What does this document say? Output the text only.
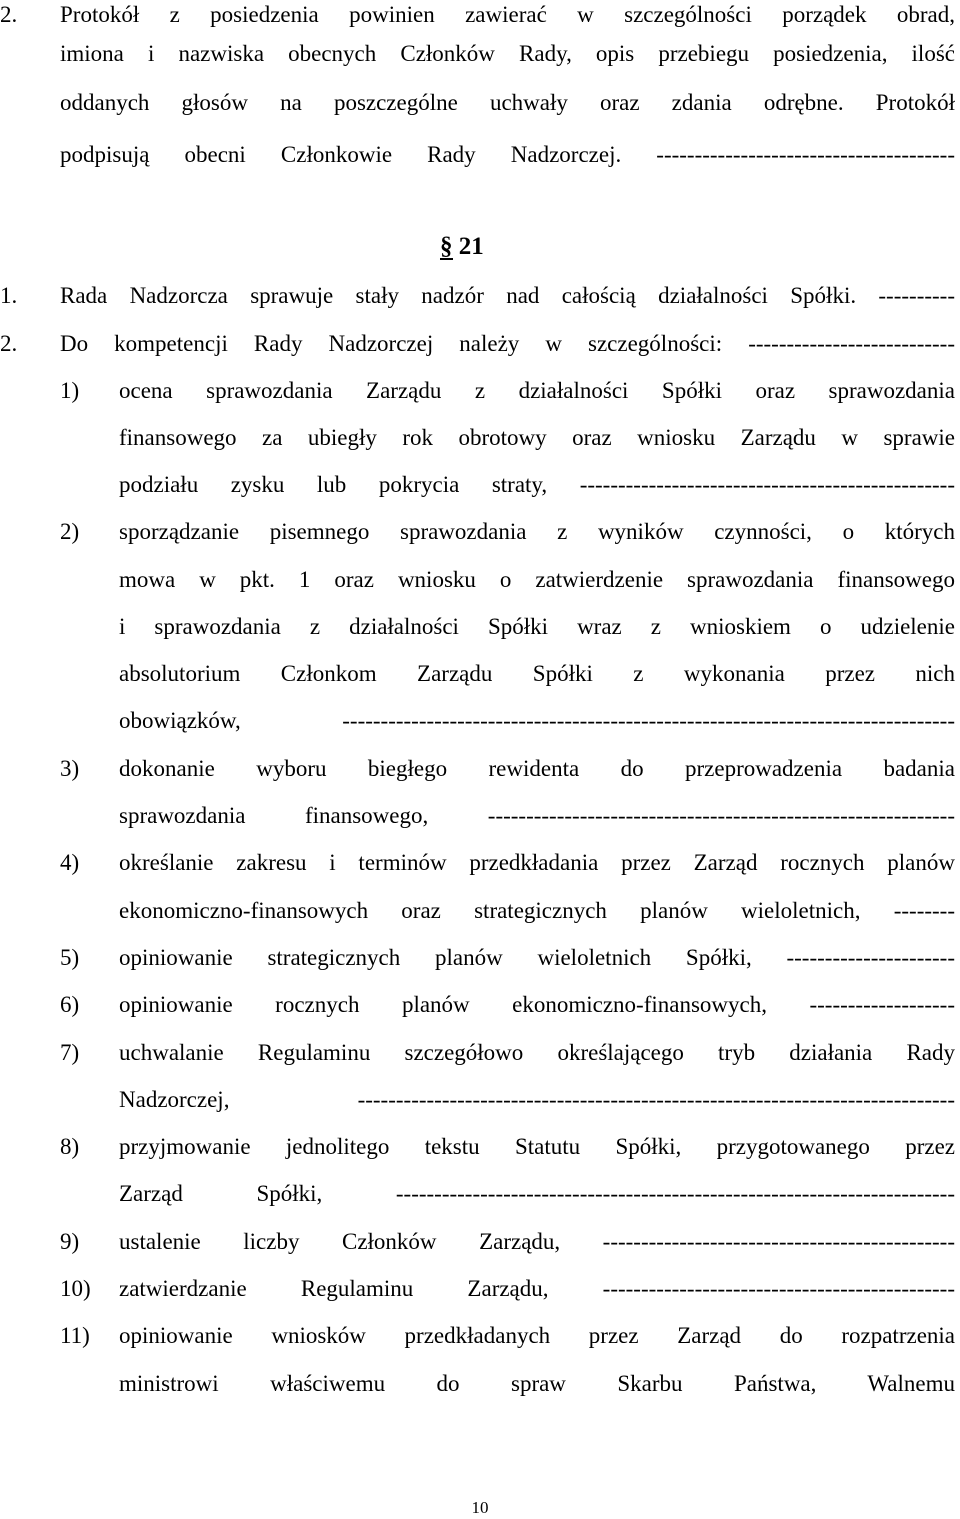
2. Protokół z posiedzenia powinien zawierać w szczególności porządek obrad,
imiona i nazwiska obecnych Członków Rady, opis przebiegu posiedzenia, ilość
oddanych głosów na poszczególne uchwały oraz zdania odrębne. Protokół
podpisują obecni Członkowie Rady Nadzorczej. ---------------------------------------
§ 21
1. Rada Nadzorcza sprawuje stały nadzór nad całością działalności Spółki. ----------
2. Do kompetencji Rady Nadzorczej należy w szczególności: ---------------------------
1) ocena sprawozdania Zarządu z działalności Spółki oraz sprawozdania
finansowego za ubiegły rok obrotowy oraz wniosku Zarządu w sprawie
podziału zysku lub pokrycia straty, -------------------------------------------------
2) sporządzanie pisemnego sprawozdania z wyników czynności, o których
mowa w pkt. 1 oraz wniosku o zatwierdzenie sprawozdania finansowego
i sprawozdania z działalności Spółki wraz z wnioskiem o udzielenie
absolutorium Członkom Zarządu Spółki z wykonania przez nich
obowiązków, --------------------------------------------------------------------------------
3) dokonanie wyboru biegłego rewidenta do przeprowadzenia badania
sprawozdania finansowego, -------------------------------------------------------------
4) określanie zakresu i terminów przedkładania przez Zarząd rocznych planów
ekonomiczno-finansowych oraz strategicznych planów wieloletnich, --------
5) opiniowanie strategicznych planów wieloletnich Spółki, ----------------------
6) opiniowanie rocznych planów ekonomiczno-finansowych, -------------------
7) uchwalanie Regulaminu szczegółowo określającego tryb działania Rady
Nadzorczej, ------------------------------------------------------------------------------
8) przyjmowanie jednolitego tekstu Statutu Spółki, przygotowanego przez
Zarząd Spółki, -------------------------------------------------------------------------
9) ustalenie liczby Członków Zarządu, ----------------------------------------------
10) zatwierdzanie Regulaminu Zarządu, ----------------------------------------------
11) opiniowanie wniosków przedkładanych przez Zarząd do rozpatrzenia
ministrowi właściwemu do spraw Skarbu Państwa, Walnemu
10
